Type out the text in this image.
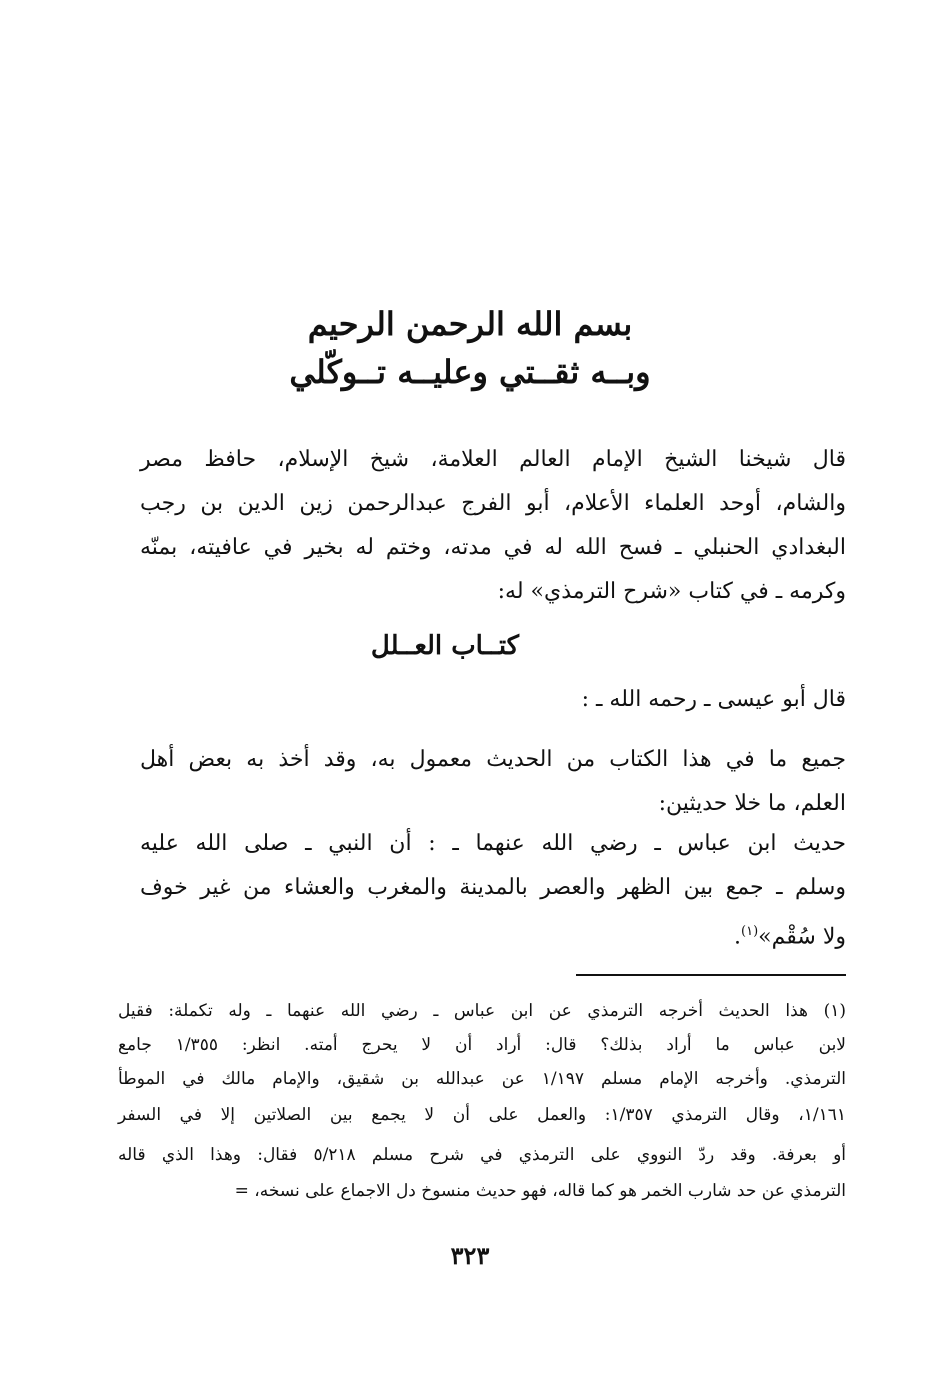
بسم الله الرحمن الرحيم

وبــه ثقــتي وعليــه تــوكّلي

قال شيخنا الشيخ الإمام العالم العلامة، شيخ الإسلام، حافظ مصر

والشام، أوحد العلماء الأعلام، أبو الفرج عبدالرحمن زين الدين بن رجب

البغدادي الحنبلي ـ فسح الله له في مدته، وختم له بخير في عافيته، بمنّه

وكرمه ـ في كتاب «شرح الترمذي» له:

كتــاب العــلل

قال أبو عيسى ـ رحمه الله ـ :

جميع ما في هذا الكتاب من الحديث معمول به، وقد أخذ به بعض أهل

العلم، ما خلا حديثين:

حديث ابن عباس ـ رضي الله عنهما ـ : أن النبي ـ صلى الله عليه

وسلم ـ جمع بين الظهر والعصر بالمدينة والمغرب والعشاء من غير خوف

ولا سُقْم»$^{(١)}$.

(١) هذا الحديث أخرجه الترمذي عن ابن عباس ـ رضي الله عنهما ـ وله تكملة: فقيل

لابن عباس ما أراد بذلك؟ قال: أراد أن لا يحرج أمته. انظر: ١/٣٥٥ جامع

الترمذي. وأخرجه الإمام مسلم ١/١٩٧ عن عبدالله بن شقيق، والإمام مالك في الموطأ

١/١٦١، وقال الترمذي ١/٣٥٧: والعمل على أن لا يجمع بين الصلاتين إلا في السفر

أو بعرفة. وقد ردّ النووي على الترمذي في شرح مسلم ٥/٢١٨ فقال: وهذا الذي قاله

الترمذي عن حد شارب الخمر هو كما قاله، فهو حديث منسوخ دل الاجماع على نسخه، =

٣٢٣
